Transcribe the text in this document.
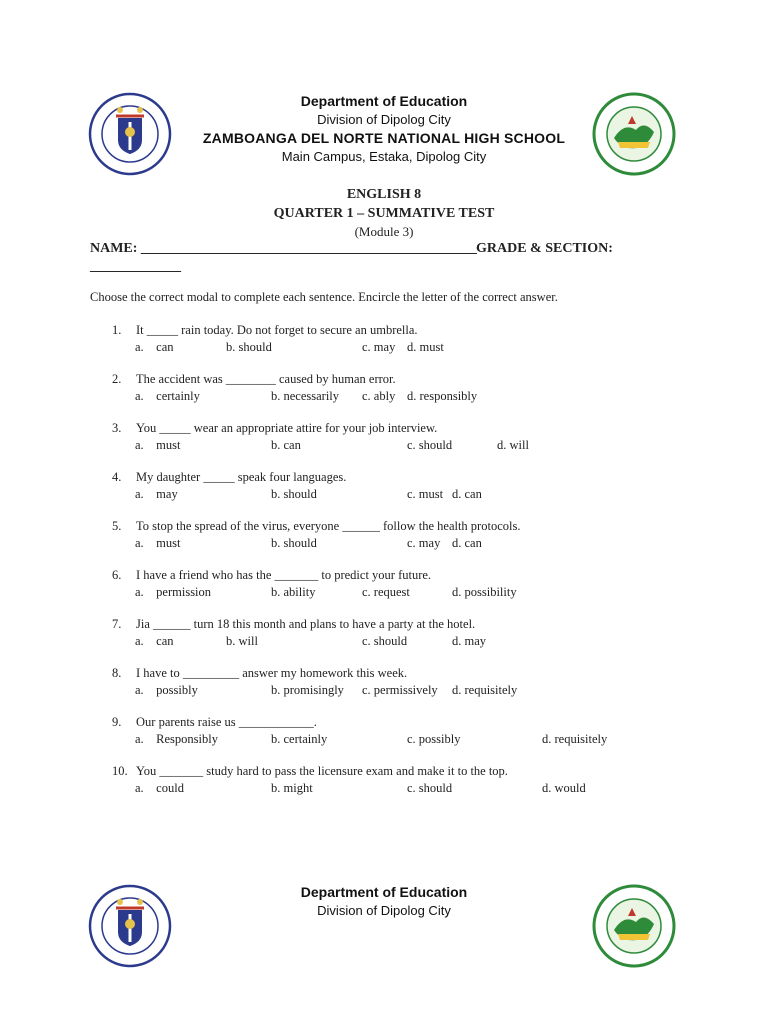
Department of Education
Division of Dipolog City
ZAMBOANGA DEL NORTE NATIONAL HIGH SCHOOL
Main Campus, Estaka, Dipolog City
ENGLISH 8
QUARTER 1 – SUMMATIVE TEST
(Module 3)
NAME: ________________________________________________ GRADE & SECTION:
_____________
Choose the correct modal to complete each sentence. Encircle the letter of the correct answer.
1. It _____ rain today. Do not forget to secure an umbrella.
a.    can	b. should	c. may d. must
2. The accident was ________ caused by human error.
a.    certainly	b. necessarily c. ably d. responsibly
3. You _____ wear an appropriate attire for your job interview.
a.    must	b. can	c. should	d. will
4. My daughter _____ speak four languages.
a.    may	b. should	c. must d. can
5. To stop the spread of the virus, everyone ______ follow the health protocols.
a.    must	b. should	c. may d. can
6. I have a friend who has the _______ to predict your future.
a.    permission	b. ability	c. request	d. possibility
7. Jia ______ turn 18 this month and plans to have a party at the hotel.
a.    can	b. will	c. should	d. may
8. I have to _________ answer my homework this week.
a.    possibly	b. promisingly c. permissively d. requisitely
9. Our parents raise us ____________.
a.    Responsibly	b. certainly	c. possibly	d. requisitely
10. You _______ study hard to pass the licensure exam and make it to the top.
a.    could	b. might	c. should	d. would
Department of Education
Division of Dipolog City
